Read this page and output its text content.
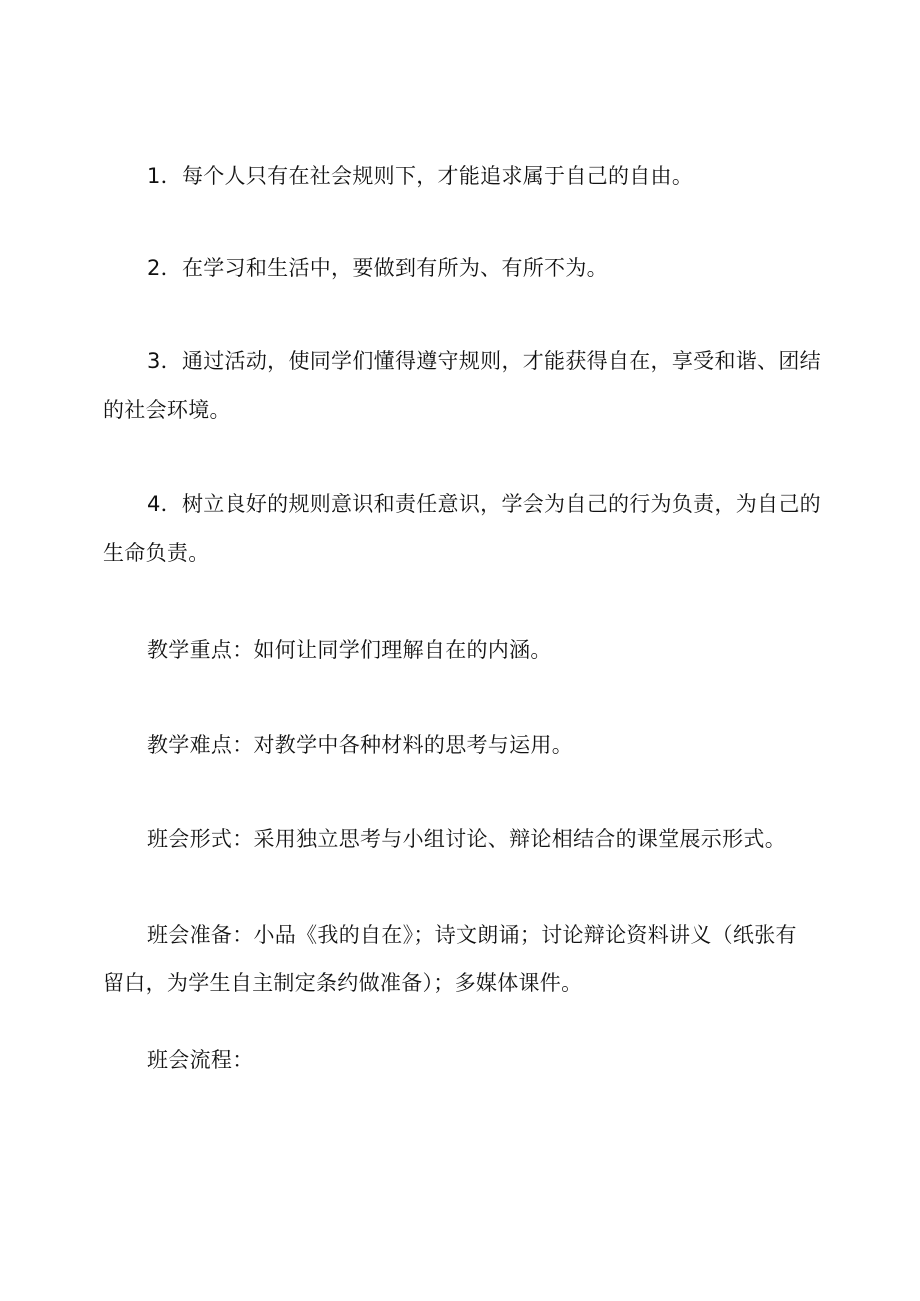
1．每个人只有在社会规则下，才能追求属于自己的自由。
2．在学习和生活中，要做到有所为、有所不为。
3．通过活动，使同学们懂得遵守规则，才能获得自在，享受和谐、团结
的社会环境。
4．树立良好的规则意识和责任意识，学会为自己的行为负责，为自己的
生命负责。
教学重点：如何让同学们理解自在的内涵。
教学难点：对教学中各种材料的思考与运用。
班会形式：采用独立思考与小组讨论、辩论相结合的课堂展示形式。
班会准备：小品《我的自在》；诗文朗诵；讨论辩论资料讲义（纸张有
留白，为学生自主制定条约做准备）；多媒体课件。
班会流程：
